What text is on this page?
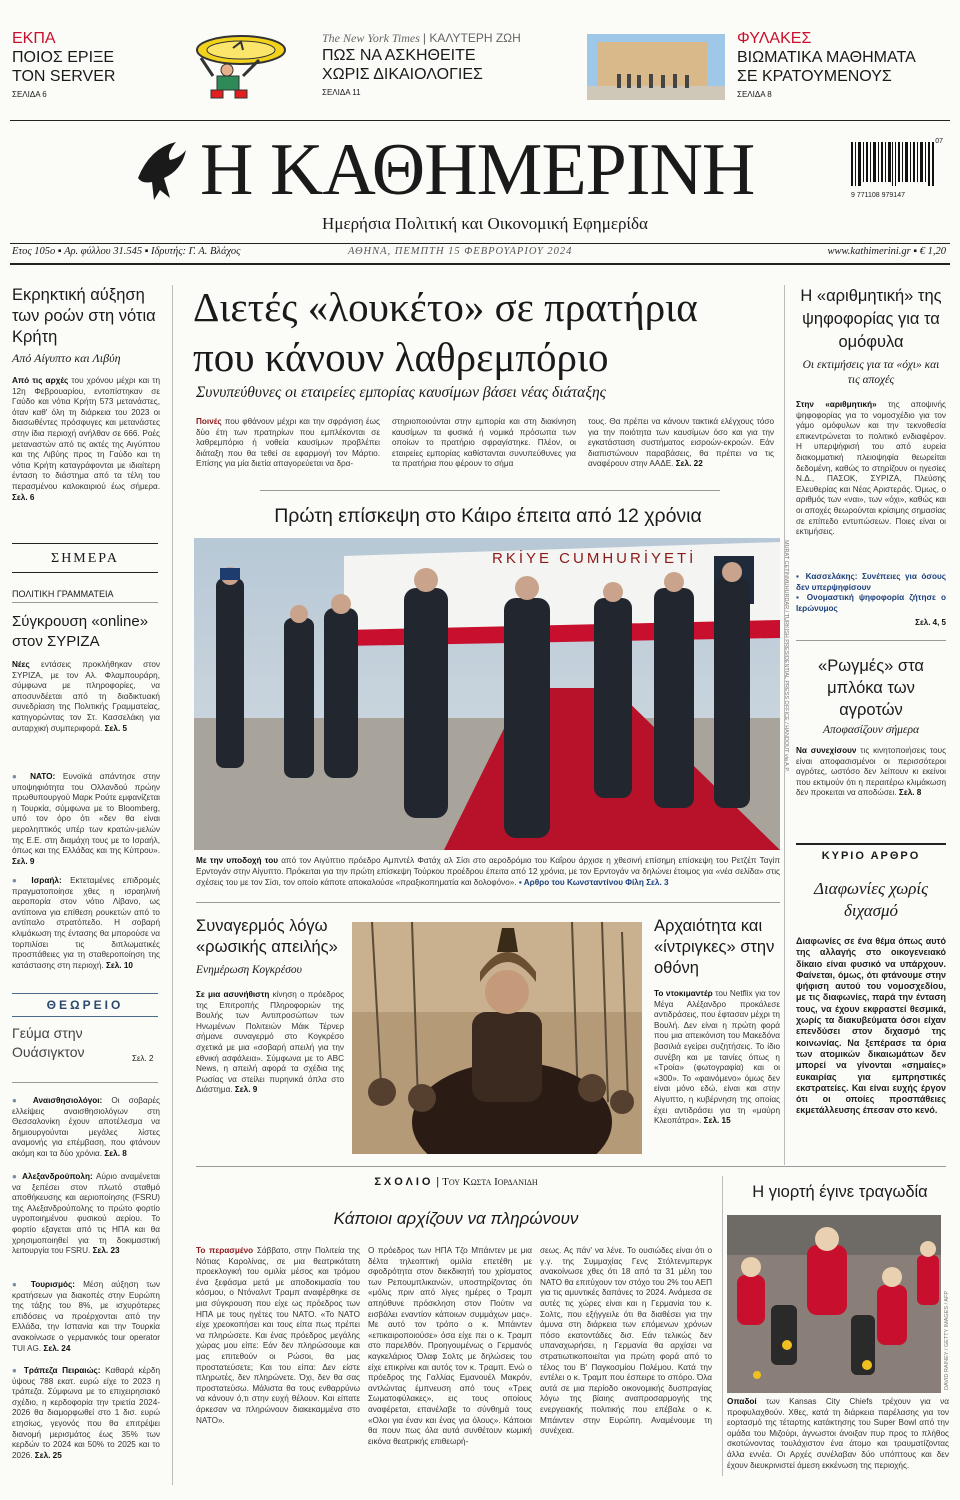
ΕΚΠΑ
ΠΟΙΟΣ ΕΡΙΞΕ
ΤΟΝ SERVER
ΣΕΛΙΔΑ 6
The New York Times | ΚΑΛΥΤΕΡΗ ΖΩΗ
ΠΩΣ ΝΑ ΑΣΚΗΘΕΙΤΕ
ΧΩΡΙΣ ΔΙΚΑΙΟΛΟΓΙΕΣ
ΣΕΛΙΔΑ 11
ΦΥΛΑΚΕΣ
ΒΙΩΜΑΤΙΚΑ ΜΑΘΗΜΑΤΑ
ΣΕ ΚΡΑΤΟΥΜΕΝΟΥΣ
ΣΕΛΙΔΑ 8
Η ΚΑΘΗΜΕΡΙΝΗ
Ημερήσια Πολιτική και Οικονομική Εφημερίδα
07
9 771108 979147
Ετος 105ο ▪ Αρ. φύλλου 31.545 ▪ Ιδρυτής: Γ. Α. Βλάχος	ΑΘΗΝΑ, ΠΕΜΠΤΗ 15 ΦΕΒΡΟΥΑΡΙΟΥ 2024	www.kathimerini.gr ▪ € 1,20
Εκρηκτική αύξηση των ροών στη νότια Κρήτη
Από Αίγυπτο και Λιβύη
Από τις αρχές του χρόνου μέχρι και τη 12η Φεβρουαρίου, εντοπίστηκαν σε Γαύδο και νότια Κρήτη 573 μετανάστες, όταν καθ' όλη τη διάρκεια του 2023 οι διασωθέντες πρόσφυγες και μετανάστες στην ίδια περιοχή ανήλθαν σε 666. Ροές μεταναστών από τις ακτές της Αιγύπτου και της Λιβύης προς τη Γαύδο και τη νότια Κρήτη καταγράφονται με ιδιαίτερη ένταση το διάστημα από τα τέλη του περασμένου καλοκαιριού έως σήμερα. Σελ. 6
ΣΗΜΕΡΑ
ΠΟΛΙΤΙΚΗ ΓΡΑΜΜΑΤΕΙΑ
Σύγκρουση «online» στον ΣΥΡΙΖΑ
Νέες εντάσεις προκλήθηκαν στον ΣΥΡΙΖΑ, με τον Αλ. Φλαμπουράρη, σύμφωνα με πληροφορίες, να αποσυνδέεται από τη διαδικτυακή συνεδρίαση της Πολιτικής Γραμματείας, κατηγορώντας τον Στ. Κασσελάκη για αυταρχική συμπεριφορά. Σελ. 5
● ΝΑΤΟ: Ευνοϊκά απάντησε στην υποψηφιότητα του Ολλανδού πρώην πρωθυπουργού Μαρκ Ρούτε εμφανίζεται η Τουρκία, σύμφωνα με το Bloomberg, υπό τον όρο ότι «δεν θα είναι μεροληπτικός υπέρ των κρατών-μελών της Ε.Ε. στη διαμάχη τους με το Ισραήλ, όπως και της Ελλάδας και της Κύπρου». Σελ. 9
● Ισραήλ: Εκτεταμένες επιδρομές πραγματοποίησε χθες η ισραηλινή αεροπορία στον νότιο Λίβανο, ως αντίποινα για επίθεση ρουκετών από το αντίπαλο στρατόπεδο. Η σοβαρή κλιμάκωση της έντασης θα μπορούσε να τορπιλίσει τις διπλωματικές προσπάθειες για τη σταθεροποίηση της κατάστασης στη περιοχή. Σελ. 10
ΘΕΩΡΕΙΟ
Γεύμα στην Ουάσιγκτον	Σελ. 2
● Αναισθησιολόγοι: Οι σοβαρές ελλείψεις αναισθησιολόγων στη Θεσσαλονίκη έχουν αποτέλεσμα να δημιουργούνται μεγάλες λίστες αναμονής για επέμβαση, που φτάνουν ακόμη και τα δύο χρόνια. Σελ. 8
● Αλεξανδρούπολη: Αύριο αναμένεται να ξεπέσει στον πλωτό σταθμό αποθήκευσης και αεριοποίησης (FSRU) της Αλεξανδρούπολης το πρώτο φορτίο υγροποιημένου φυσικού αερίου. Το φορτίο εξαγεται από τις ΗΠΑ και θα χρησιμοποιηθεί για τη δοκιμαστική λειτουργία του FSRU. Σελ. 23
● Τουρισμός: Μέση αύξηση των κρατήσεων για διακοπές στην Ευρώπη της τάξης του 8%, με ισχυρότερες επιδόσεις να προέρχονται από την Ελλάδα, την Ισπανία και την Τουρκία ανακοίνωσε ο γερμανικός tour operator TUI AG. Σελ. 24
● Τράπεζα Πειραιώς: Καθαρά κέρδη ύψους 788 εκατ. ευρώ είχε το 2023 η τράπεζα. Σύμφωνα με το επιχειρησιακό σχέδιο, η κερδοφορία την τριετία 2024-2026 θα διαμορφωθεί στο 1 δισ. ευρώ ετησίως, γεγονός που θα επιτρέψει διανομή μερισμάτος έως 35% των κερδών το 2024 και 50% το 2025 και το 2026. Σελ. 25
Διετές «λουκέτο» σε πρατήρια
που κάνουν λαθρεμπόριο
Συνυπεύθυνες οι εταιρείες εμπορίας καυσίμων βάσει νέας διάταξης
Ποινές που φθάνουν μέχρι και την σφράγιση έως δύο έτη των πρατηρίων που εμπλέκονται σε λαθρεμπόριο ή νοθεία καυσίμων προβλέπει διάταξη που θα τεθεί σε εφαρμογή τον Μάρτιο. Επίσης για μία διετία απαγορεύεται να δρα-
στηριοποιούνται στην εμπορία και στη διακίνηση καυσίμων τα φυσικά ή νομικά πρόσωπα των οποίων το πρατήριο σφραγίστηκε. Πλέον, οι εταιρείες εμπορίας καθίστανται συνυπεύθυνες για τα πρατήρια που φέρουν το σήμα
τους. Θα πρέπει να κάνουν τακτικά ελέγχους τόσο για την ποιότητα των καυσίμων όσο και για την εγκατάσταση συστήματος εισροών-εκροών. Εάν διαπιστώνουν παραβάσεις, θα πρέπει να τις αναφέρουν στην ΑΑΔΕ. Σελ. 22
Πρώτη επίσκεψη στο Κάιρο έπειτα από 12 χρόνια
RKİYE CUMHURİYETİ	MURAT CETINMUHURDAR / TURKISH PRESIDENTIAL PRESS OFFICE / HANDOUT via A.P.
Με την υποδοχή του από τον Αιγύπτιο πρόεδρο Αμπντέλ Φατάχ αλ Σίσι στο αεροδρόμιο του Καΐρου άρχισε η χθεσινή επίσημη επίσκεψη του Ρετζέπ Ταγίπ Ερντογάν στην Αίγυπτο. Πρόκειται για την πρώτη επίσκεψη Τούρκου προέδρου έπειτα από 12 χρόνια, με τον Ερντογάν να δηλώνει έτοιμος για «νέα σελίδα» στις σχέσεις του με τον Σίσι, τον οποίο κάποτε αποκαλούσε «πραξικοπηματία και δολοφόνο». ▪ Αρθρο του Κωνσταντίνου Φίλη Σελ. 3
Συναγερμός λόγω «ρωσικής απειλής»
Ενημέρωση Κογκρέσου
Σε μια ασυνήθιστη κίνηση ο πρόεδρος της Επιτροπής Πληροφοριών της Βουλής των Αντιπροσώπων των Ηνωμένων Πολιτειών Μάικ Τέρνερ σήμανε συναγερμό στο Κογκρέσο σχετικά με μια «σοβαρή απειλή για την εθνική ασφάλεια». Σύμφωνα με το ABC News, η απειλή αφορά τα σχέδια της Ρωσίας να στείλει πυρηνικά όπλα στο Διάστημα. Σελ. 9
Αρχαιότητα και «ίντριγκες» στην οθόνη
Το ντοκιμαντέρ του Netflix για τον Μέγα Αλέξανδρο προκάλεσε αντιδράσεις, που έφτασαν μέχρι τη Βουλή. Δεν είναι η πρώτη φορά που μια απεικόνιση του Μακεδόνα βασιλιά εγείρει συζητήσεις. Το ίδιο συνέβη και με ταινίες όπως η «Τροία» (φωτογραφία) και οι «300». Το «φαινόμενο» όμως δεν είναι μόνο εδώ, είναι και στην Αίγυπτο, η κυβέρνηση της οποίας έχει αντιδράσει για τη «μαύρη Κλεοπάτρα». Σελ. 15
Η «αριθμητική» της ψηφοφορίας για τα ομόφυλα
Οι εκτιμήσεις για τα «όχι» και τις αποχές
Στην «αριθμητική» της αποψινής ψηφοφορίας για το νομοσχέδιο για τον γάμο ομόφυλων και την τεκνοθεσία επικεντρώνεται το πολιτικό ενδιαφέρον. Η υπερψήφισή του από ευρεία διακομματική πλειοψηφία θεωρείται δεδομένη, καθώς το στηρίζουν οι ηγεσίες Ν.Δ., ΠΑΣΟΚ, ΣΥΡΙΖΑ, Πλεύσης Ελευθερίας και Νέας Αριστεράς. Όμως, ο αριθμός των «ναι», των «όχι», καθώς και οι αποχές θεωρούνται κρίσιμης σημασίας σε επίπεδο εντυπώσεων. Ποιες είναι οι εκτιμήσεις.
▪ Κασσελάκης: Συνέπειες για όσους δεν υπερψηφίσουν
▪ Ονομαστική ψηφοφορία ζήτησε ο Ιερώνυμος
Σελ. 4, 5
«Ρωγμές» στα μπλόκα των αγροτών
Αποφασίζουν σήμερα
Να συνεχίσουν τις κινητοποιήσεις τους είναι αποφασισμένοι οι περισσότεροι αγρότες, ωστόσο δεν λείπουν κι εκείνοι που εκτιμούν ότι η περαιτέρω κλιμάκωση δεν προκειται να αποδώσει. Σελ. 8
ΚΥΡΙΟ ΑΡΘΡΟ
Διαφωνίες χωρίς διχασμό
Διαφωνίες σε ένα θέμα όπως αυτό της αλλαγής στο οικογενειακό δίκαιο είναι φυσικό να υπάρχουν. Φαίνεται, όμως, ότι φτάνουμε στην ψήφιση αυτού του νομοσχεδίου, με τις διαφωνίες, παρά την ένταση τους, να έχουν εκφραστεί θεσμικά, χωρίς τα διακυβεύματα όσοι είχαν επενδύσει στον διχασμό της κοινωνίας. Να ξεπέρασε τα όρια των ατομικών δικαιωμάτων δεν μπορεί να γίνονται «σημαίες» ευκαιρίας για εμπρηστικές εκστρατείες. Και είναι ευχής έργον ότι οι οποίες προσπάθειες εκμετάλλευσης έπεσαν στο κενό.
ΣΧΟΛΙΟ | Του Κωστα Ιορδανιδη
Κάποιοι αρχίζουν να πληρώνουν
Το περασμένο Σάββατο, στην Πολιτεία της Νότιας Καρολίνας, σε μια θεατρικότατη προεκλογική του ομιλία μέσος και τρόμου ένα ξεφάσμα μετά με αποδοκιμασία του κόσμου, ο Ντόναλντ Τραμπ αναφέρθηκε σε μια σύγκρουση που είχε ως πρόεδρος των ΗΠΑ με τους ηγέτες του ΝΑΤΟ. «Το ΝΑΤΟ είχε χρεοκοπήσει και τους είπα πως πρέπει να πληρώσετε. Και ένας πρόεδρος μεγάλης χώρας μου είπε: Εάν δεν πληρώσουμε και μας επιτεθούν οι Ρώσοι, θα μας προστατεύσετε; Και του είπα: Δεν είστε πληρωτές, δεν πληρώνετε. Όχι, δεν θα σας προστατεύσω. Μάλιστα θα τους ενθαρρύνω να κάνουν ό,τι στην ευχή θέλουν. Και είπατε άρκεσαν να πληρώνουν διακεκαμμένα στο ΝΑΤΟ».
Ο πρόεδρος των ΗΠΑ Τζο Μπάιντεν με μια δέλτα τηλεοπτική ομιλία επετέθη με σφοδρότητα στον διεκδικητή του χρίσματος των Ρεπουμπλικανών, υποστηρίζοντας ότι «μόλις πριν από λίγες ημέρες ο Τραμπ απηύθυνε πρόσκληση στον Πούτιν να εισβάλει εναντίον κάποιων συμμάχων μας». Με αυτό τον τρόπο ο κ. Μπάιντεν «επικαιροποιούσε» όσα είχε πει ο κ. Τραμπ στο παρελθόν. Προηγουμένως ο Γερμανός καγκελάριος Όλαφ Σολτς με δηλώσεις του είχε επικρίνει και αυτός τον κ. Τραμπ. Ενώ ο πρόεδρος της Γαλλίας Εμανουέλ Μακρόν, αντλώντας έμπνευση από τους «Τρεις Σωματοφύλακες», εις τους οποίους αναφέρεται, επανέλαβε το σύνθημά τους «Ολοι για έναν και ένας για όλους». Κάποιοι θα πουν πως όλα αυτά συνθέτουν κωμική εικόνα θεατρικής επιθεωρή-
σεως. Ας πάν' να λένε. Το ουσιώδες είναι ότι ο γ.γ. της Συμμαχίας Γενς Στόλτενμπεργκ ανακοίνωσε χθες ότι 18 από τα 31 μέλη του ΝΑΤΟ θα επιτύχουν τον στόχο του 2% του ΑΕΠ για τις αμυντικές δαπάνες το 2024. Ανάμεσα σε αυτές τις χώρες είναι και η Γερμανία του κ. Σολτς, που εξήγγειλε ότι θα διαθέσει για την άμυνα στη διάρκεια των επόμενων χρόνων πόσο εκατοντάδες δισ. Εάν τελικώς δεν υπαναχωρήσει, η Γερμανία θα αρχίσει να στρατιωτικοποιείται για πρώτη φορά από το τέλος του Β' Παγκοσμίου Πολέμου. Κατά την εντέλει ο κ. Τραμπ που έσπειρε το σπόρο. Όλα αυτά σε μια περίοδο οικονομικής δυσπραγίας λόγω της βίαιης αναπροσαρμογής της ενεργειακής πολιτικής που επέβαλε ο κ. Μπάιντεν στην Ευρώπη. Αναμένουμε τη συνέχεια.
Η γιορτή έγινε τραγωδία
DAVID RAINEY / GETTY IMAGES / AFP
Οπαδοί των Kansas City Chiefs τρέχουν για να προφυλαχθούν. Χθες, κατά τη διάρκεια παρέλασης για τον εορτασμό της τέταρτης κατάκτησης του Super Bowl από την ομάδα του Μιζούρι, άγνωστοι άνοιξαν πυρ προς το πλήθος σκοτώνοντας τουλάχιστον ένα άτομο και τραυματίζοντας άλλα εννέα. Οι Αρχές συνέλαβαν δύο υπόπτους και δεν έχουν διευκρινιστεί άμεση εκκένωση της περιοχής.
